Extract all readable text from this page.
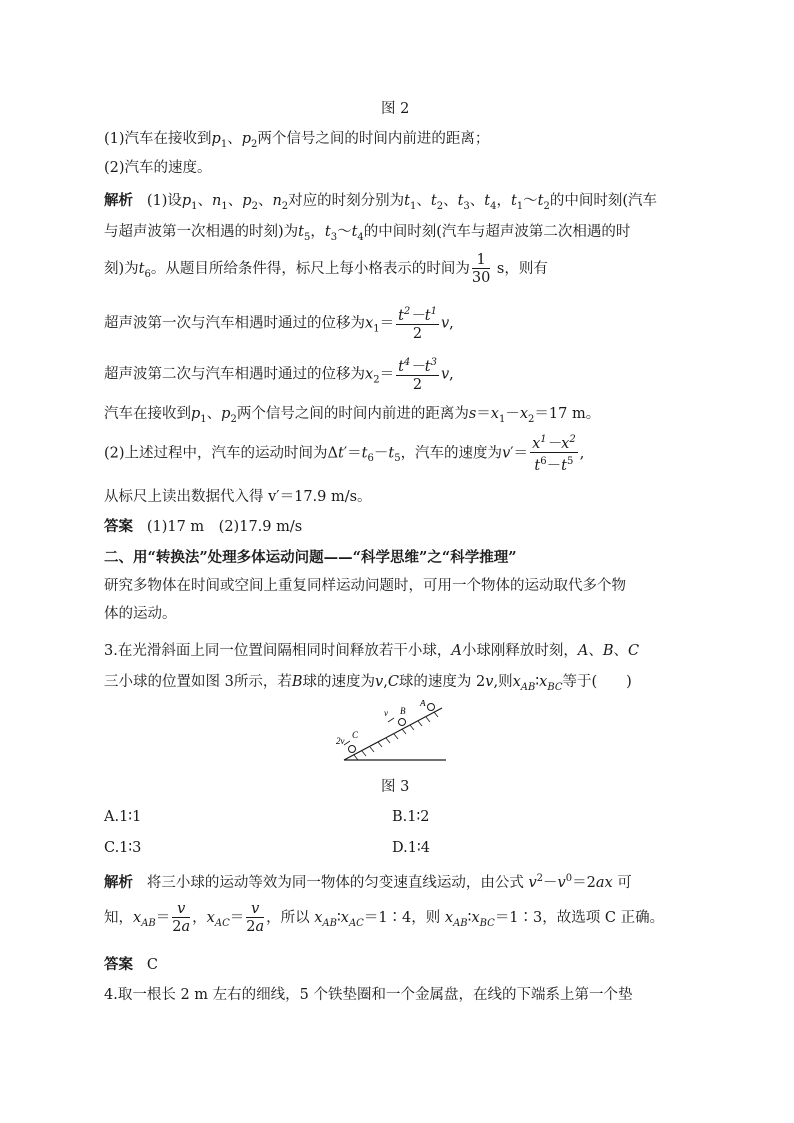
图 2
(1)汽车在接收到$p_1$、$p_2$两个信号之间的时间内前进的距离；
(2)汽车的速度。
解析 (1)设$p_1$、$n_1$、$p_2$、$n_2$对应的时刻分别为$t_1$、$t_2$、$t_3$、$t_4$，$t_1\sim t_2$的中间时刻(汽车
与超声波第一次相遇的时刻)为$t_5$，$t_3\sim t_4$的中间时刻(汽车与超声波第二次相遇的时
刻)为$t_6$。从题目所给条件得，标尺上每小格表示的时间为 $\frac{1}{30}$ s，则有
超声波第一次与汽车相遇时通过的位移为$x_1= \frac{t^2-t^1}{2} v$,
超声波第二次与汽车相遇时通过的位移为$x_2= \frac{t^4-t^3}{2} v$,
汽车在接收到$p_1$、$p_2$两个信号之间的时间内前进的距离为$s=x_1-x_2=17$ m。
(2)上述过程中，汽车的运动时间为$\Delta t'=t_6-t_5$，汽车的速度为$v'= \frac{x^1-x^2}{t^6-t^5}$ ,
从标尺上读出数据代入得 v′＝17.9 m/s。
答案 (1)17 m　(2)17.9 m/s
二、用“转换法”处理多体运动问题——“科学思维”之“科学推理”
研究多物体在时间或空间上重复同样运动问题时，可用一个物体的运动取代多个物
体的运动。
3.在光滑斜面上同一位置间隔相同时间释放若干小球，A小球刚释放时刻，A、B、C
三小球的位置如图 3所示，若B球的速度为v,C球的速度为 2v,则$x_{AB}∶x_{BC}$等于(　　)
2v
C
v B
A
图 3
A.1∶1	B.1∶2
C.1∶3	D.1∶4
解析 将三小球的运动等效为同一物体的匀变速直线运动，由公式 $v^2-v^0=2ax$ 可
知，$x_{AB}= \frac{v}{2a}$ ，$x_{AC}= \frac{v}{2a}$ ，所以 $x_{AB}∶x_{AC}=1∶4$，则 $x_{AB}∶x_{BC}=1∶3$，故选项 C 正确。
答案 C
4.取一根长 2 m 左右的细线，5 个铁垫圈和一个金属盘，在线的下端系上第一个垫
